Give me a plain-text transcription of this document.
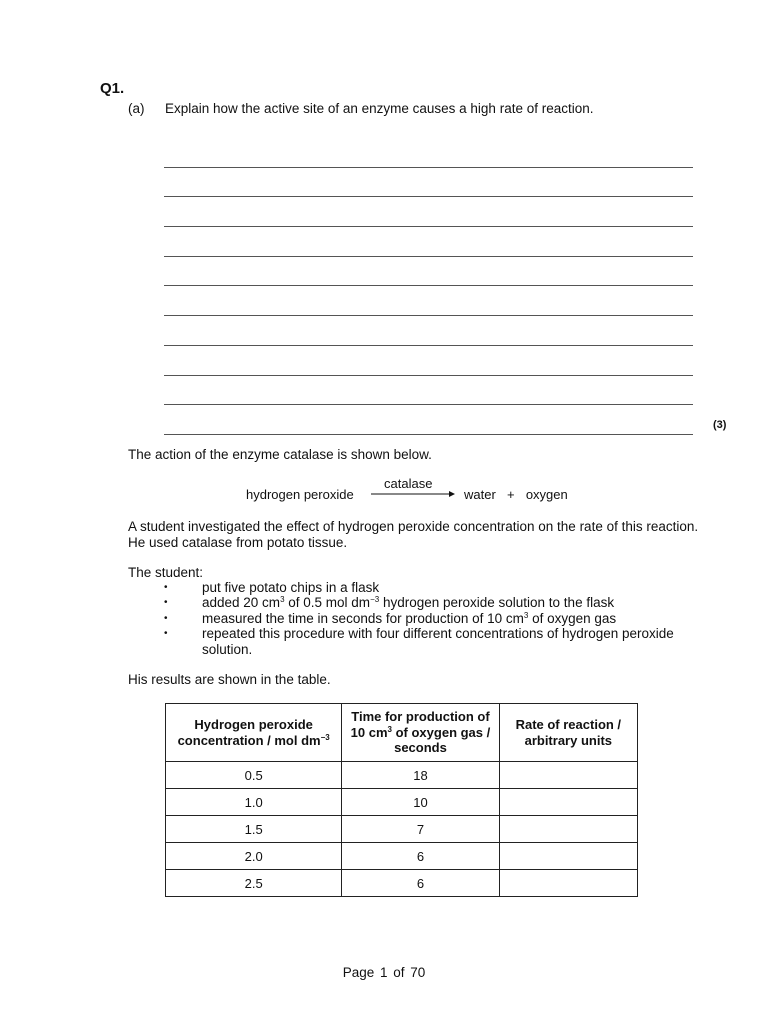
Q1.
(a) Explain how the active site of an enzyme causes a high rate of reaction.
(3)
The action of the enzyme catalase is shown below.
hydrogen peroxide
catalase
water  +  oxygen
A student investigated the effect of hydrogen peroxide concentration on the rate of this reaction. He used catalase from potato tissue.
The student:
•	put five potato chips in a flask
•	added 20 $cm^3$ of 0.5 mol $dm^{-3}$ hydrogen peroxide solution to the flask
•	measured the time in seconds for production of 10 $cm^3$ of oxygen gas
•	repeated this procedure with four different concentrations of hydrogen peroxide solution.
His results are shown in the table.
Hydrogen peroxide concentration / mol $dm^{-3}$	Time for production of 10 $cm^3$ of oxygen gas / seconds	Rate of reaction / arbitrary units
0.5	18	
1.0	10	
1.5	7	
2.0	6	
2.5	6	
Page 1 of 70
